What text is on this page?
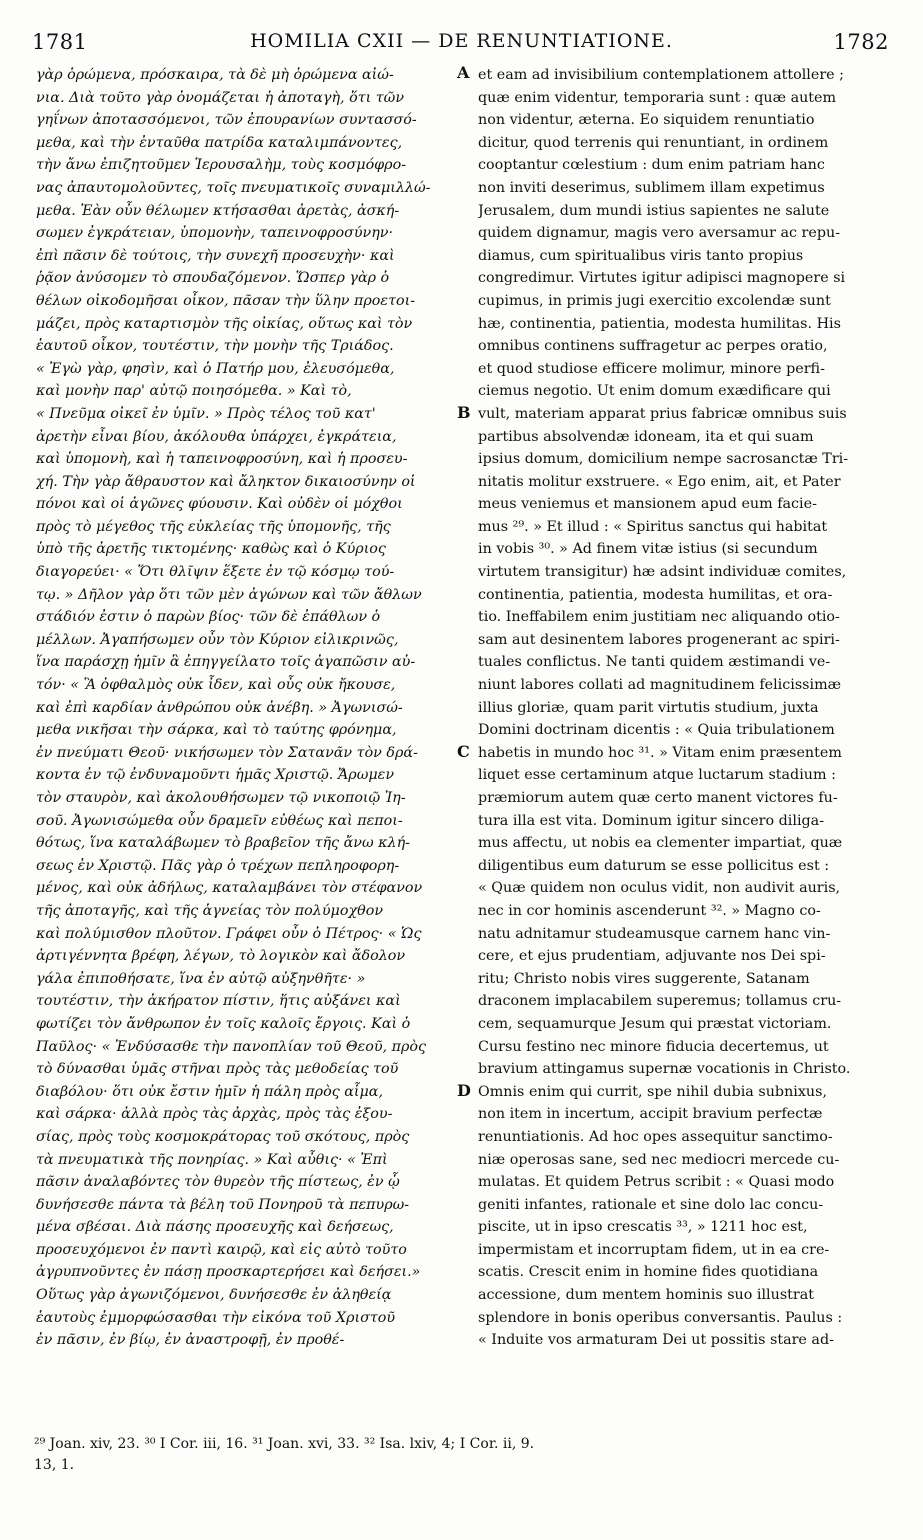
1781	HOMILIA CXII — DE RENUNTIATIONE.	1782
γὰρ ὁρώμενα, πρόσκαιρα, τὰ δὲ μὴ ὁρώμενα αἰώ-
νια. Διὰ τοῦτο γὰρ ὀνομάζεται ἡ ἀποταγὴ, ὅτι τῶν
γηΐνων ἀποτασσόμενοι, τῶν ἐπουρανίων συντασσό-
μεθα, καὶ τὴν ἐνταῦθα πατρίδα καταλιμπάνοντες,
τὴν ἄνω ἐπιζητοῦμεν Ἱερουσαλὴμ, τοὺς κοσμόφρο-
νας ἀπαυτομολοῦντες, τοῖς πνευματικοῖς συναμιλλώ-
μεθα. Ἐὰν οὖν θέλωμεν κτήσασθαι ἀρετὰς, ἀσκή-
σωμεν ἐγκράτειαν, ὑπομονὴν, ταπεινοφροσύνην·
ἐπὶ πᾶσιν δὲ τούτοις, τὴν συνεχῆ προσευχὴν· καὶ
ῥᾷον ἀνύσομεν τὸ σπουδαζόμενον. Ὥσπερ γὰρ ὁ
θέλων οἰκοδομῆσαι οἶκον, πᾶσαν τὴν ὕλην προετοι-
μάζει, πρὸς καταρτισμὸν τῆς οἰκίας, οὕτως καὶ τὸν
ἑαυτοῦ οἶκον, τουτέστιν, τὴν μονὴν τῆς Τριάδος.
« Ἐγὼ γὰρ, φησὶν, καὶ ὁ Πατήρ μου, ἐλευσόμεθα,
καὶ μονὴν παρ' αὐτῷ ποιησόμεθα. » Καὶ τὸ,
« Πνεῦμα οἰκεῖ ἐν ὑμῖν. » Πρὸς τέλος τοῦ κατ'
ἀρετὴν εἶναι βίου, ἀκόλουθα ὑπάρχει, ἐγκράτεια,
καὶ ὑπομονὴ, καὶ ἡ ταπεινοφροσύνη, καὶ ἡ προσευ-
χή. Τὴν γὰρ ἄθραυστον καὶ ἄληκτον δικαιοσύνην οἱ
πόνοι καὶ οἱ ἀγῶνες φύουσιν. Καὶ οὐδὲν οἱ μόχθοι
πρὸς τὸ μέγεθος τῆς εὐκλείας τῆς ὑπομονῆς, τῆς
ὑπὸ τῆς ἀρετῆς τικτομένης· καθὼς καὶ ὁ Κύριος
διαγορεύει· « Ὅτι θλῖψιν ἕξετε ἐν τῷ κόσμῳ τού-
τῳ. » Δῆλον γὰρ ὅτι τῶν μὲν ἀγώνων καὶ τῶν ἄθλων
στάδιόν ἐστιν ὁ παρὼν βίος· τῶν δὲ ἐπάθλων ὁ
μέλλων. Ἀγαπήσωμεν οὖν τὸν Κύριον εἰλικρινῶς,
ἵνα παράσχῃ ἡμῖν ἃ ἐπηγγείλατο τοῖς ἀγαπῶσιν αὐ-
τόν· « Ἃ ὀφθαλμὸς οὐκ ἶδεν, καὶ οὖς οὐκ ἤκουσε,
καὶ ἐπὶ καρδίαν ἀνθρώπου οὐκ ἀνέβη. » Ἀγωνισώ-
μεθα νικῆσαι τὴν σάρκα, καὶ τὸ ταύτης φρόνημα,
ἐν πνεύματι Θεοῦ· νικήσωμεν τὸν Σατανᾶν τὸν δρά-
κοντα ἐν τῷ ἐνδυναμοῦντι ἡμᾶς Χριστῷ. Ἄρωμεν
τὸν σταυρὸν, καὶ ἀκολουθήσωμεν τῷ νικοποιῷ Ἰη-
σοῦ. Ἀγωνισώμεθα οὖν δραμεῖν εὐθέως καὶ πεποι-
θότως, ἵνα καταλάβωμεν τὸ βραβεῖον τῆς ἄνω κλή-
σεως ἐν Χριστῷ. Πᾶς γὰρ ὁ τρέχων πεπληροφορη-
μένος, καὶ οὐκ ἀδήλως, καταλαμβάνει τὸν στέφανον
τῆς ἀποταγῆς, καὶ τῆς ἁγνείας τὸν πολύμοχθον
καὶ πολύμισθον πλοῦτον. Γράφει οὖν ὁ Πέτρος· « Ὡς
ἀρτιγέννητα βρέφη, λέγων, τὸ λογικὸν καὶ ἄδολον
γάλα ἐπιποθήσατε, ἵνα ἐν αὐτῷ αὐξηνθῆτε· »
τουτέστιν, τὴν ἀκήρατον πίστιν, ἥτις αὐξάνει καὶ
φωτίζει τὸν ἄνθρωπον ἐν τοῖς καλοῖς ἔργοις. Καὶ ὁ
Παῦλος· « Ἐνδύσασθε τὴν πανοπλίαν τοῦ Θεοῦ, πρὸς
τὸ δύνασθαι ὑμᾶς στῆναι πρὸς τὰς μεθοδείας τοῦ
διαβόλου· ὅτι οὐκ ἔστιν ἡμῖν ἡ πάλη πρὸς αἷμα,
καὶ σάρκα· ἀλλὰ πρὸς τὰς ἀρχὰς, πρὸς τὰς ἐξου-
σίας, πρὸς τοὺς κοσμοκράτορας τοῦ σκότους, πρὸς
τὰ πνευματικὰ τῆς πονηρίας. » Καὶ αὖθις· « Ἐπὶ
πᾶσιν ἀναλαβόντες τὸν θυρεὸν τῆς πίστεως, ἐν ᾧ
δυνήσεσθε πάντα τὰ βέλη τοῦ Πονηροῦ τὰ πεπυρω-
μένα σβέσαι. Διὰ πάσης προσευχῆς καὶ δεήσεως,
προσευχόμενοι ἐν παντὶ καιρῷ, καὶ εἰς αὐτὸ τοῦτο
ἀγρυπνοῦντες ἐν πάσῃ προσκαρτερήσει καὶ δεήσει.»
Οὕτως γὰρ ἀγωνιζόμενοι, δυνήσεσθε ἐν ἀληθείᾳ
ἑαυτοὺς ἐμμορφώσασθαι τὴν εἰκόνα τοῦ Χριστοῦ
ἐν πᾶσιν, ἐν βίῳ, ἐν ἀναστροφῇ, ἐν προθέ-
A
B
C
D
et eam ad invisibilium contemplationem attollere ;
quæ enim videntur, temporaria sunt : quæ autem
non videntur, æterna. Eo siquidem renuntiatio
dicitur, quod terrenis qui renuntiant, in ordinem
cooptantur cœlestium : dum enim patriam hanc
non inviti deserimus, sublimem illam expetimus
Jerusalem, dum mundi istius sapientes ne salute
quidem dignamur, magis vero aversamur ac repu-
diamus, cum spiritualibus viris tanto propius
congredimur. Virtutes igitur adipisci magnopere si
cupimus, in primis jugi exercitio excolendæ sunt
hæ, continentia, patientia, modesta humilitas. His
omnibus continens suffragetur ac perpes oratio,
et quod studiose efficere molimur, minore perfi-
ciemus negotio. Ut enim domum exædificare qui
vult, materiam apparat prius fabricæ omnibus suis
partibus absolvendæ idoneam, ita et qui suam
ipsius domum, domicilium nempe sacrosanctæ Tri-
nitatis molitur exstruere. « Ego enim, ait, et Pater
meus veniemus et mansionem apud eum facie-
mus ²⁹. » Et illud : « Spiritus sanctus qui habitat
in vobis ³⁰. » Ad finem vitæ istius (si secundum
virtutem transigitur) hæ adsint individuæ comites,
continentia, patientia, modesta humilitas, et ora-
tio. Ineffabilem enim justitiam nec aliquando otio-
sam aut desinentem labores progenerant ac spiri-
tuales conflictus. Ne tanti quidem æstimandi ve-
niunt labores collati ad magnitudinem felicissimæ
illius gloriæ, quam parit virtutis studium, juxta
Domini doctrinam dicentis : « Quia tribulationem
habetis in mundo hoc ³¹. » Vitam enim præsentem
liquet esse certaminum atque luctarum stadium :
præmiorum autem quæ certo manent victores fu-
tura illa est vita. Dominum igitur sincero diliga-
mus affectu, ut nobis ea clementer impartiat, quæ
diligentibus eum daturum se esse pollicitus est :
« Quæ quidem non oculus vidit, non audivit auris,
nec in cor hominis ascenderunt ³². » Magno co-
natu adnitamur studeamusque carnem hanc vin-
cere, et ejus prudentiam, adjuvante nos Dei spi-
ritu; Christo nobis vires suggerente, Satanam
draconem implacabilem superemus; tollamus cru-
cem, sequamurque Jesum qui præstat victoriam.
Cursu festino nec minore fiducia decertemus, ut
bravium attingamus supernæ vocationis in Christo.
Omnis enim qui currit, spe nihil dubia subnixus,
non item in incertum, accipit bravium perfectæ
renuntiationis. Ad hoc opes assequitur sanctimo-
niæ operosas sane, sed nec mediocri mercede cu-
mulatas. Et quidem Petrus scribit : « Quasi modo
geniti infantes, rationale et sine dolo lac concu-
piscite, ut in ipso crescatis ³³, » 1211 hoc est,
impermistam et incorruptam fidem, ut in ea cre-
scatis. Crescit enim in homine fides quotidiana
accessione, dum mentem hominis suo illustrat
splendore in bonis operibus conversantis. Paulus :
« Induite vos armaturam Dei ut possitis stare ad-
²⁹ Joan. xiv, 23. ³⁰ I Cor. iii, 16. ³¹ Joan. xvi, 33. ³² Isa. lxiv, 4; I Cor. ii, 9.
13, 1.
